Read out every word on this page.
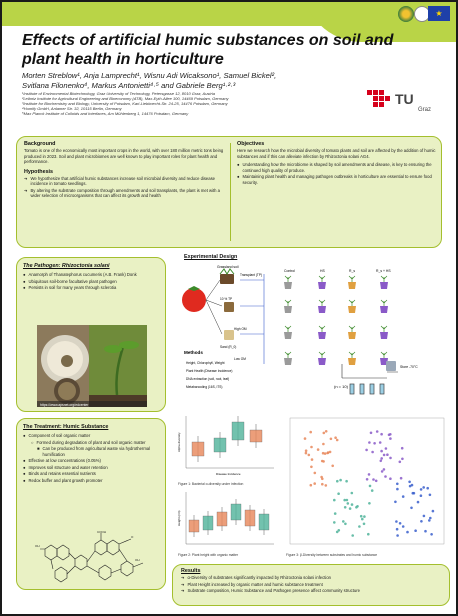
★
Effects of artificial humic substances on soil and
plant health in horticulture
Morten Streblow¹, Anja Lamprecht¹, Wisnu Adi Wicaksono¹, Samuel Bickel²,
Svitlana Filonenko⁴, Markus Antonietti⁴·⁵ and Gabriele Berg¹·²·³
¹Institute of Environmental Biotechnology, Graz University of Technology, Petersgasse 12, 8010 Graz, Austria
²Leibniz Institute for Agricultural Engineering and Bioeconomy (ATB), Max-Eyth-Allee 100, 14469 Potsdam, Germany
³Institute for Biochemistry and Biology, University of Potsdam, Karl-Liebknecht-Str. 24-25, 14476 Potsdam, Germany
⁴Humify GmbH, Anlamer Str. 32, 10115 Berlin, Germany
⁵Max Planck Institute of Colloids and Interfaces, Am Mühlenberg 1, 14476 Potsdam, Germany
TU
Graz
Background
Tomato is one of the economically most important crops in the world, with over 180 million metric tons being produced in 2023. Soil and plant microbiomes are well known to play important roles for plant health and performance.
Hypothesis
➔ We hypothesize that artificial humic substances increase soil microbial diversity and reduce disease incidence in tomato seedlings.
➔ By altering the substrate composition through amendments and soil transplants, the plant is met with a wider selection of microorganisms that can affect its growth and health
Objectives
Here we research how the microbial diversity of tomato plants and soil are affected by the addition of humic substances and if this can alleviate infection by Rhizoctonia solani AG4.
● Understanding how the microbiome is shaped by soil amendments and disease, is key to ensuring the continued high quality of produce.
● Maintaining plant health and managing pathogen outbreaks in horticulture are essential to ensure food security.
The Pathogen: Rhizoctonia solani
● Anamorph of Thanatephorus cucumeris (A.B. Frank) Donk
● Ubiquitous soil-borne facultative plant pathogen
● Persists in soil for many years through sclerotia
https://www.apsnet.org/edcenter
The Treatment: Humic Substance
● Component of soil organic matter
○ Formed during degradation of plant and soil organic matter
■ Can be produced from agricultural waste via hydrothermal humification
● Effective at low concentrations (0.05%)
● Improves soil structure and water retention
● Binds and retains essential nutrients
● Redox buffer and plant growth promoter
OH
COOH
OH
O
Experimental Design
Grassland soil
10 % TP
Sand (R_0)
Transplant (TP)
High OM
Low OM
Control	HS	R_s	R_s + HS
Methods
Height, Chlorophyll, Weight
Plant Health (Disease Incidence)
DNA extraction (soil, root, leaf)
Metabarcoding (16S, ITS)	(n = 10)
Store -70°C
Alpha diversity
Disease Incidence
Figure 1: Bacterial α-diversity under infection
Height (cm)
Figure 2: Plant height with organic matter	Figure 3: β-Diversity between substrates and humic substance
Results
➔ α-Diversity of substrates significantly impacted by Rhizoctonia solani infection
➔ Plant Height increased by organic matter and humic substance treatment
➔ Substrate composition, Humic Substance and Pathogen presence affect community structure
